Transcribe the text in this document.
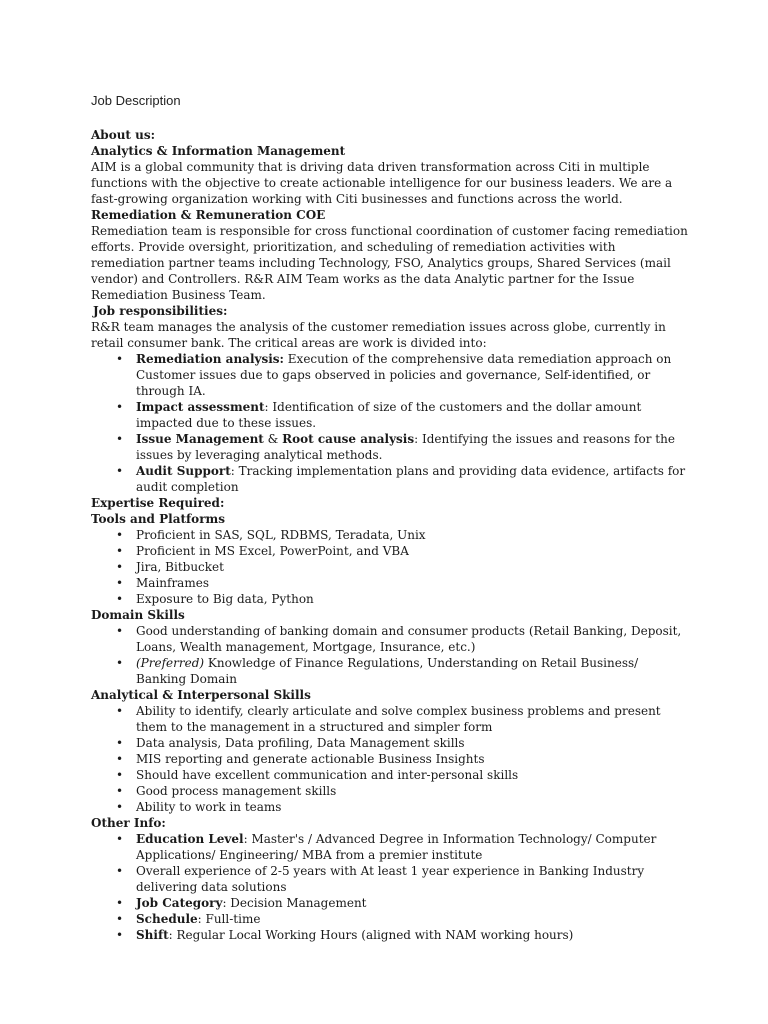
Job Description
About us:
Analytics & Information Management

AIM is a global community that is driving data driven transformation across Citi in multiple functions with the objective to create actionable intelligence for our business leaders. We are a fast-growing organization working with Citi businesses and functions across the world.

Remediation & Remuneration COE

Remediation team is responsible for cross functional coordination of customer facing remediation efforts. Provide oversight, prioritization, and scheduling of remediation activities with remediation partner teams including Technology, FSO, Analytics groups, Shared Services (mail vendor) and Controllers. R&R AIM Team works as the data Analytic partner for the Issue Remediation Business Team.

Job responsibilities:

R&R team manages the analysis of the customer remediation issues across globe, currently in retail consumer bank. The critical areas are work is divided into:

• Remediation analysis: Execution of the comprehensive data remediation approach on Customer issues due to gaps observed in policies and governance, Self-identified, or through IA.
• Impact assessment: Identification of size of the customers and the dollar amount impacted due to these issues.
• Issue Management & Root cause analysis: Identifying the issues and reasons for the issues by leveraging analytical methods.
• Audit Support: Tracking implementation plans and providing data evidence, artifacts for audit completion
Expertise Required:
Tools and Platforms
• Proficient in SAS, SQL, RDBMS, Teradata, Unix
• Proficient in MS Excel, PowerPoint, and VBA
• Jira, Bitbucket
• Mainframes
• Exposure to Big data, Python
Domain Skills
• Good understanding of banking domain and consumer products (Retail Banking, Deposit, Loans, Wealth management, Mortgage, Insurance, etc.)
• (Preferred) Knowledge of Finance Regulations, Understanding on Retail Business/ Banking Domain
Analytical & Interpersonal Skills
• Ability to identify, clearly articulate and solve complex business problems and present them to the management in a structured and simpler form
• Data analysis, Data profiling, Data Management skills
• MIS reporting and generate actionable Business Insights
• Should have excellent communication and inter-personal skills
• Good process management skills
• Ability to work in teams
Other Info:
• Education Level: Master's / Advanced Degree in Information Technology/ Computer Applications/ Engineering/ MBA from a premier institute
• Overall experience of 2-5 years with At least 1 year experience in Banking Industry delivering data solutions
• Job Category: Decision Management
• Schedule: Full-time
• Shift: Regular Local Working Hours (aligned with NAM working hours)
